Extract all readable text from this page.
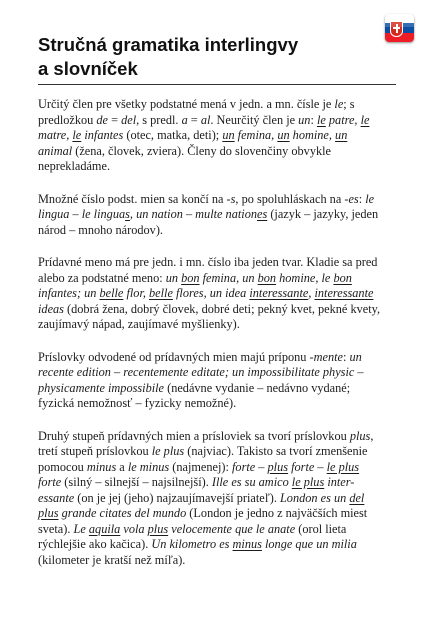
Stručná gramatika interlingvy
a slovníček

Určitý člen pre všetky podstatné mená v jedn. a mn. čísle je le; s
predložkou de = del, s predl. a = al. Neurčitý člen je un: le patre, le
matre, le infantes (otec, matka, deti); un femina, un homine, un
animal (žena, človek, zviera). Členy do slovenčiny obvykle
neprekladáme.

Množné číslo podst. mien sa končí na -s, po spoluhláskach na -es: le
lingua – le linguas, un nation – multe nationes (jazyk – jazyky, jeden
národ – mnoho národov).

Prídavné meno má pre jedn. i mn. číslo iba jeden tvar. Kladie sa pred
alebo za podstatné meno: un bon femina, un bon homine, le bon
infantes; un belle flor, belle flores, un idea interessante, interessante
ideas (dobrá žena, dobrý človek, dobré deti; pekný kvet, pekné kvety,
zaujímavý nápad, zaujímavé myšlienky).

Príslovky odvodené od prídavných mien majú príponu -mente: un
recente edition – recentemente editate; un impossibilitate physic –
physicamente impossibile (nedávne vydanie – nedávno vydané;
fyzická nemožnosť – fyzicky nemožné).

Druhý stupeň prídavných mien a prísloviek sa tvorí príslovkou plus,
tretí stupeň príslovkou le plus (najviac). Takisto sa tvorí zmenšenie
pomocou minus a le minus (najmenej): forte – plus forte – le plus
forte (silný – silnejší – najsilnejší). Ille es su amico le plus inter-
essante (on je jej (jeho) najzaujímavejší priateľ). London es un del
plus grande citates del mundo (London je jedno z najväčších miest
sveta). Le aquila vola plus velocemente que le anate (orol lieta
rýchlejšie ako kačica). Un kilometro es minus longe que un milia
(kilometer je kratší než míľa).
